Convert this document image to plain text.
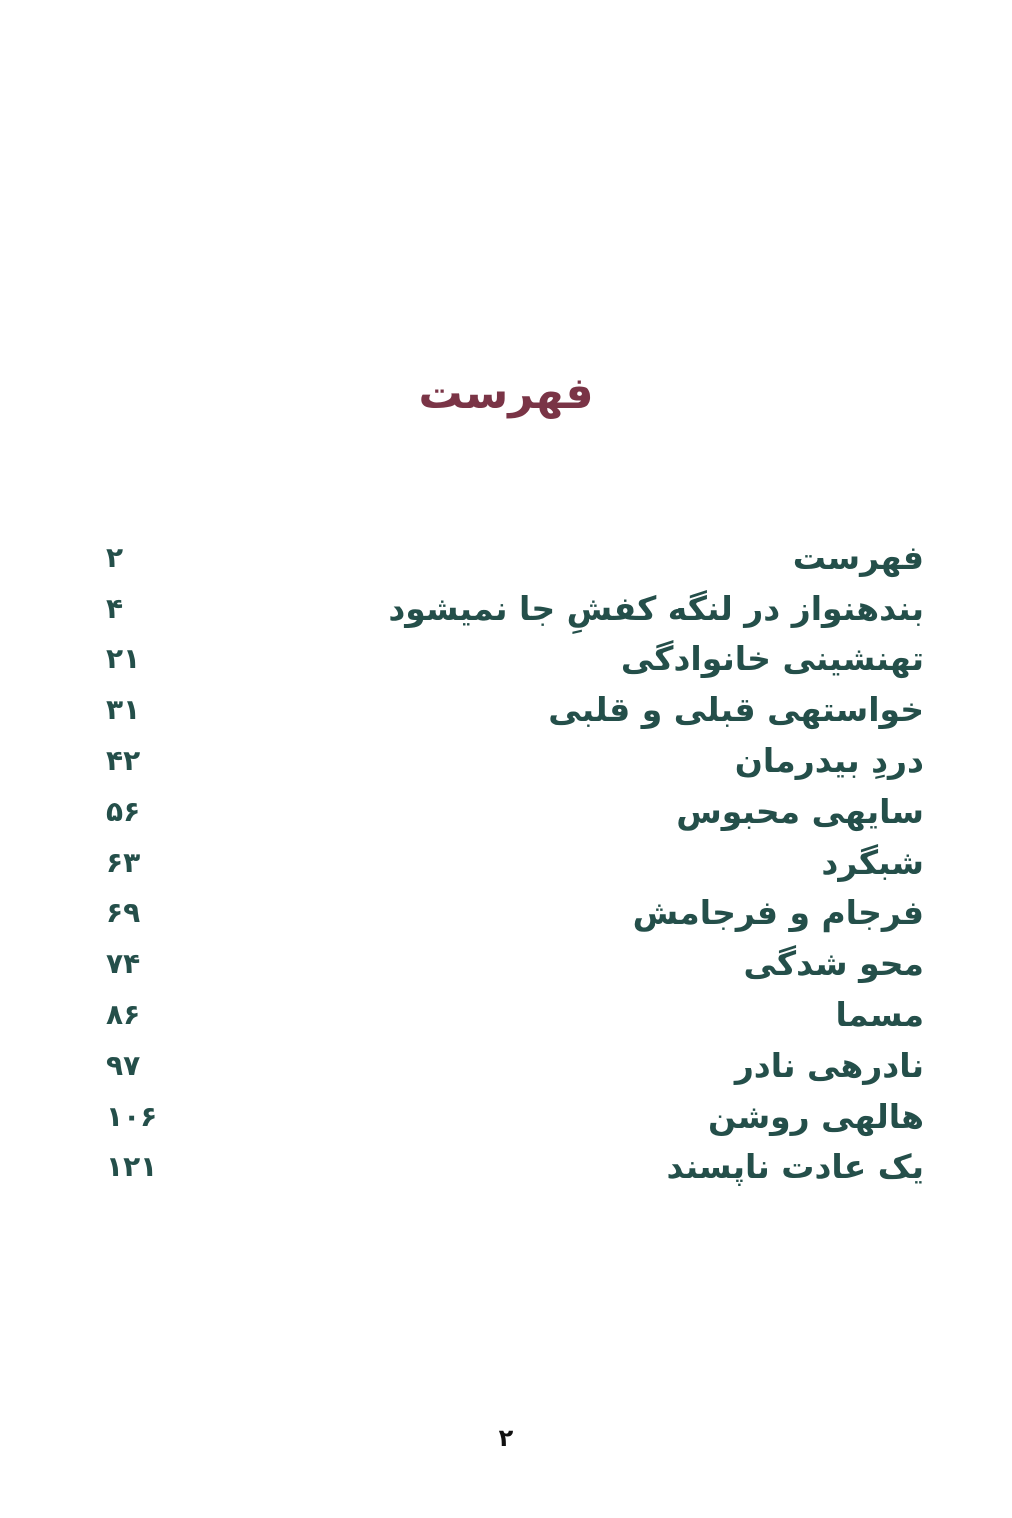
فهرست
۲	فهرست
۴	بندهنواز در لنگه کفشِ جا نمیشود
۲۱	تهنشینی خانوادگی
۳۱	خواستهی قبلی و قلبی
۴۲	دردِ بیدرمان
۵۶	سایهی محبوس
۶۳	شبگرد
۶۹	فرجام و فرجامش
۷۴	محو شدگی
۸۶	مسما
۹۷	نادرهی نادر
۱۰۶	هالهی روشن
۱۲۱	یک عادت ناپسند
۲
